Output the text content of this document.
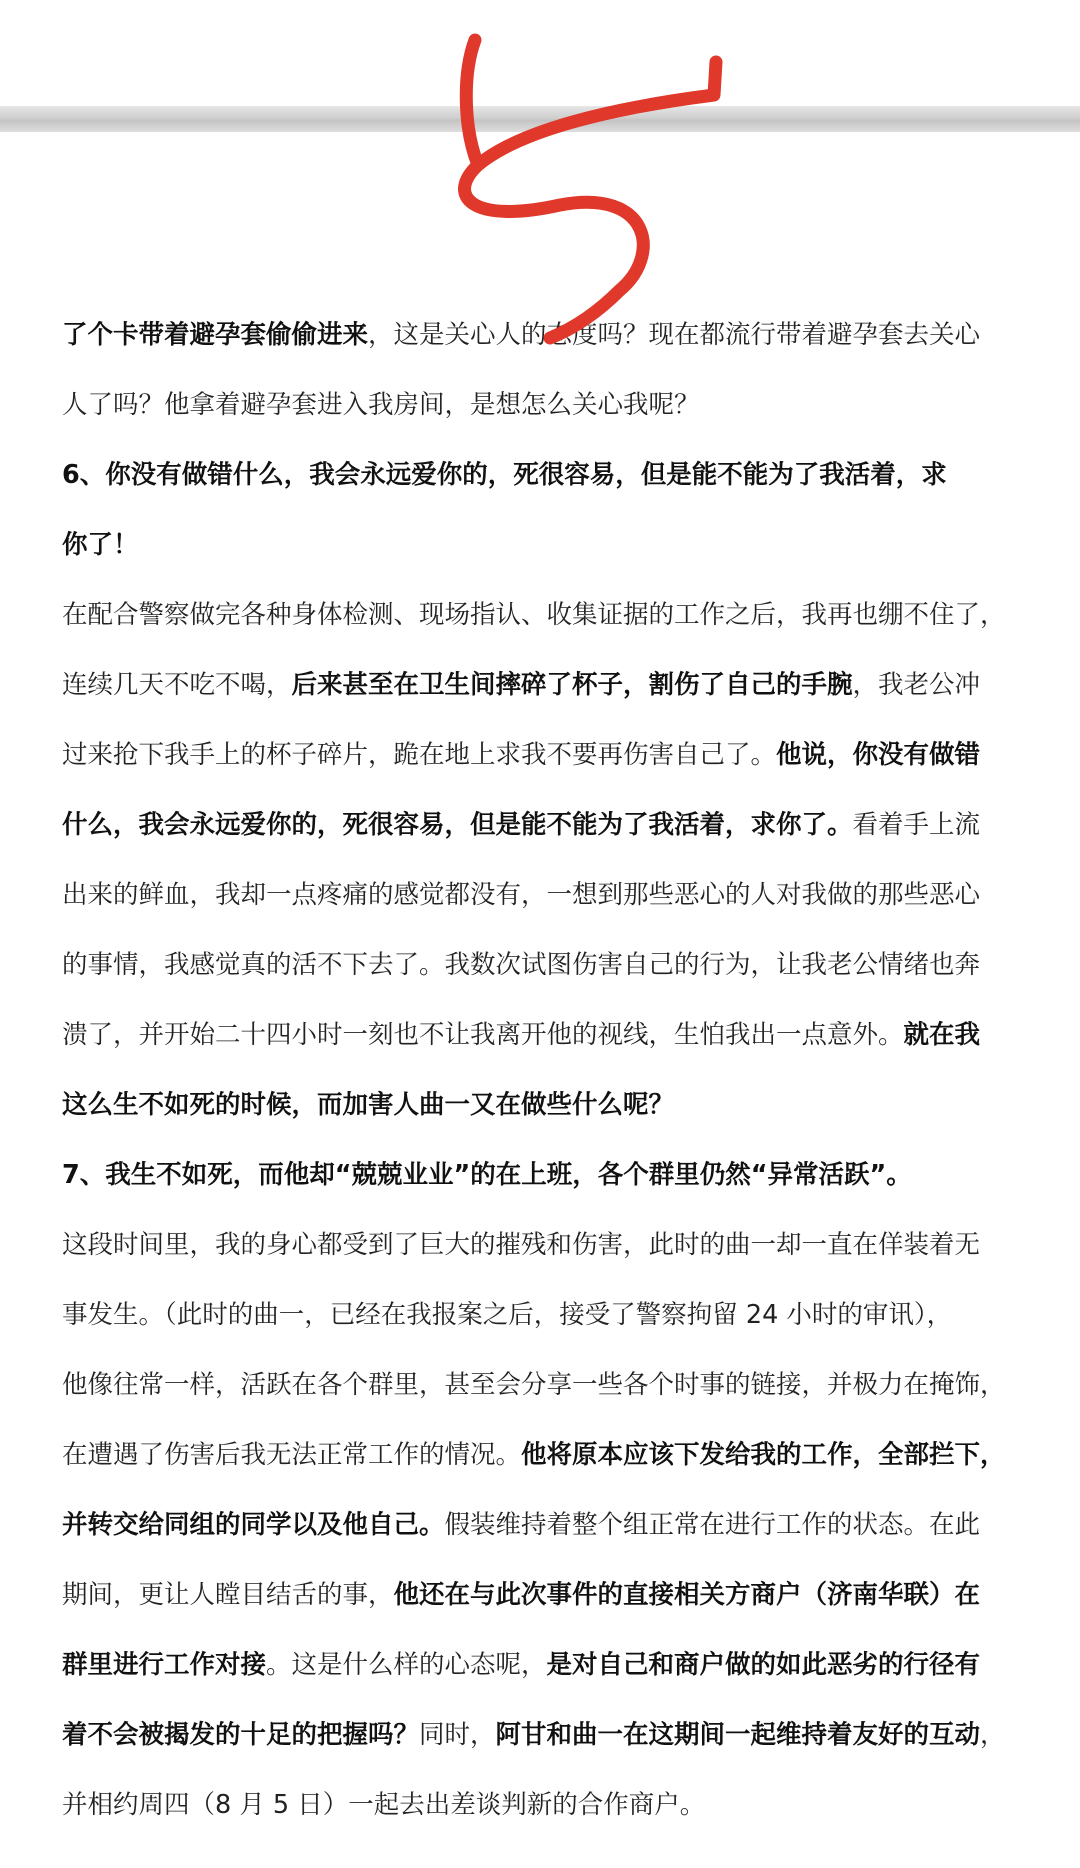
了个卡带着避孕套偷偷进来，这是关心人的态度吗？现在都流行带着避孕套去关心
人了吗？他拿着避孕套进入我房间，是想怎么关心我呢？
6、你没有做错什么，我会永远爱你的，死很容易，但是能不能为了我活着，求
你了！
在配合警察做完各种身体检测、现场指认、收集证据的工作之后，我再也绷不住了，
连续几天不吃不喝，后来甚至在卫生间摔碎了杯子，割伤了自己的手腕，我老公冲
过来抢下我手上的杯子碎片，跪在地上求我不要再伤害自己了。他说，你没有做错
什么，我会永远爱你的，死很容易，但是能不能为了我活着，求你了。看着手上流
出来的鲜血，我却一点疼痛的感觉都没有，一想到那些恶心的人对我做的那些恶心
的事情，我感觉真的活不下去了。我数次试图伤害自己的行为，让我老公情绪也奔
溃了，并开始二十四小时一刻也不让我离开他的视线，生怕我出一点意外。就在我
这么生不如死的时候，而加害人曲一又在做些什么呢？
7、我生不如死，而他却“兢兢业业”的在上班，各个群里仍然“异常活跃”。
这段时间里，我的身心都受到了巨大的摧残和伤害，此时的曲一却一直在佯装着无
事发生。（此时的曲一，已经在我报案之后，接受了警察拘留 24 小时的审讯），
他像往常一样，活跃在各个群里，甚至会分享一些各个时事的链接，并极力在掩饰，
在遭遇了伤害后我无法正常工作的情况。他将原本应该下发给我的工作，全部拦下，
并转交给同组的同学以及他自己。假装维持着整个组正常在进行工作的状态。在此
期间，更让人瞠目结舌的事，他还在与此次事件的直接相关方商户（济南华联）在
群里进行工作对接。这是什么样的心态呢，是对自己和商户做的如此恶劣的行径有
着不会被揭发的十足的把握吗？同时，阿甘和曲一在这期间一起维持着友好的互动，
并相约周四（8 月 5 日）一起去出差谈判新的合作商户。
